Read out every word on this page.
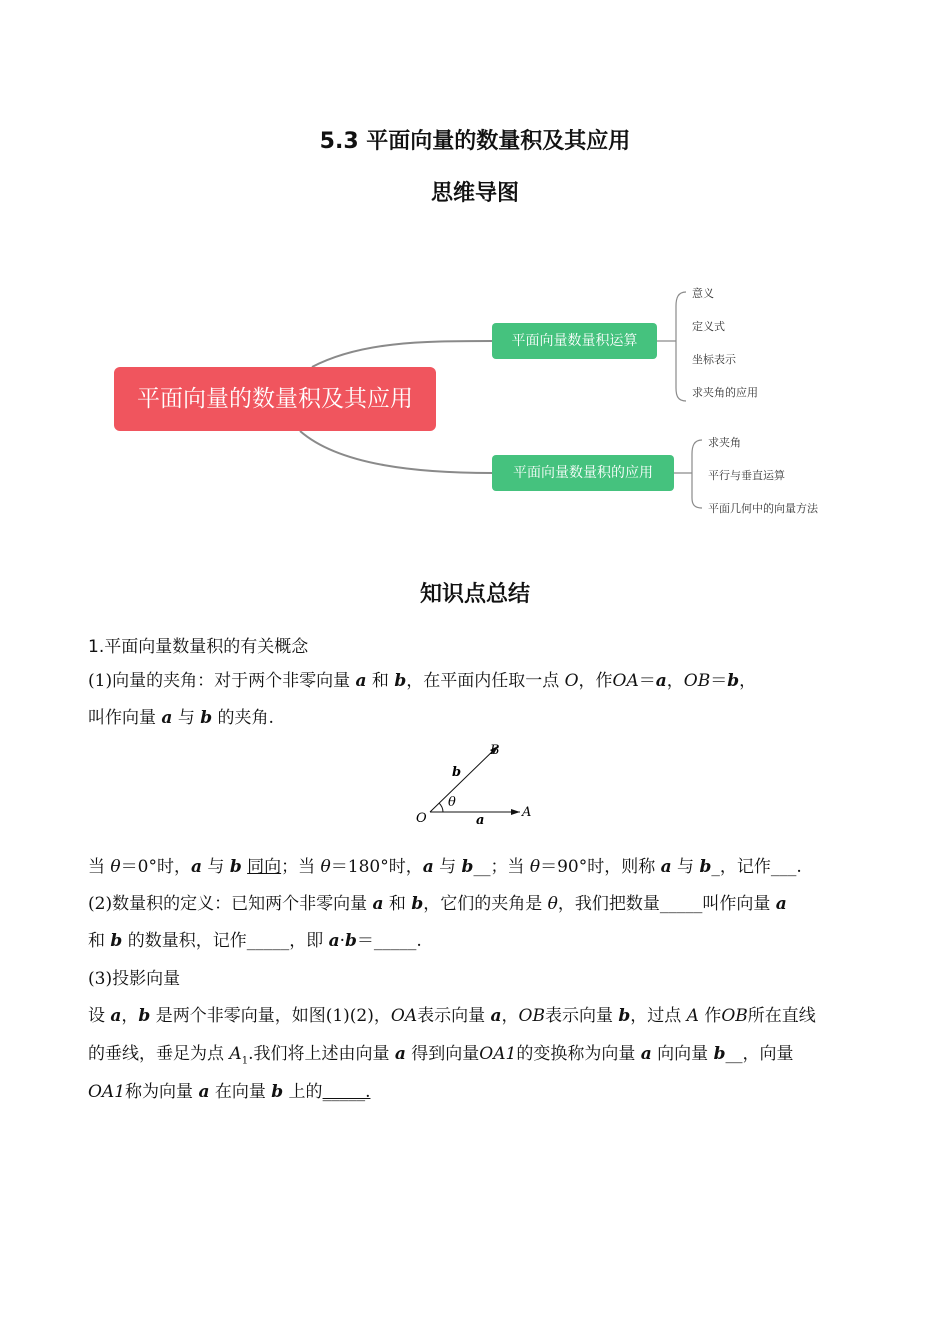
5.3 平面向量的数量积及其应用
思维导图
平面向量的数量积及其应用
平面向量数量积运算
平面向量数量积的应用
意义
定义式
坐标表示
求夹角的应用
求夹角
平行与垂直运算
平面几何中的向量方法
知识点总结
1.平面向量数量积的有关概念
(1)向量的夹角：对于两个非零向量 a 和 b，在平面内任取一点 O，作OA＝a，OB＝b，
叫作向量 a 与 b 的夹角.
O	A
B
a
b
θ
当 θ＝0°时，a 与 b 同向；当 θ＝180°时，a 与 b__；当 θ＝90°时，则称 a 与 b_，记作___.
(2)数量积的定义：已知两个非零向量 a 和 b，它们的夹角是 θ，我们把数量_____叫作向量 a
和 b 的数量积，记作_____，即 a·b＝_____.
(3)投影向量
设 a，b 是两个非零向量，如图(1)(2)，OA表示向量 a，OB表示向量 b，过点 A 作OB所在直线
的垂线，垂足为点 $A_1$.我们将上述由向量 a 得到向量OA1的变换称为向量 a 向向量 b__，向量
OA1称为向量 a 在向量 b 上的_____.
